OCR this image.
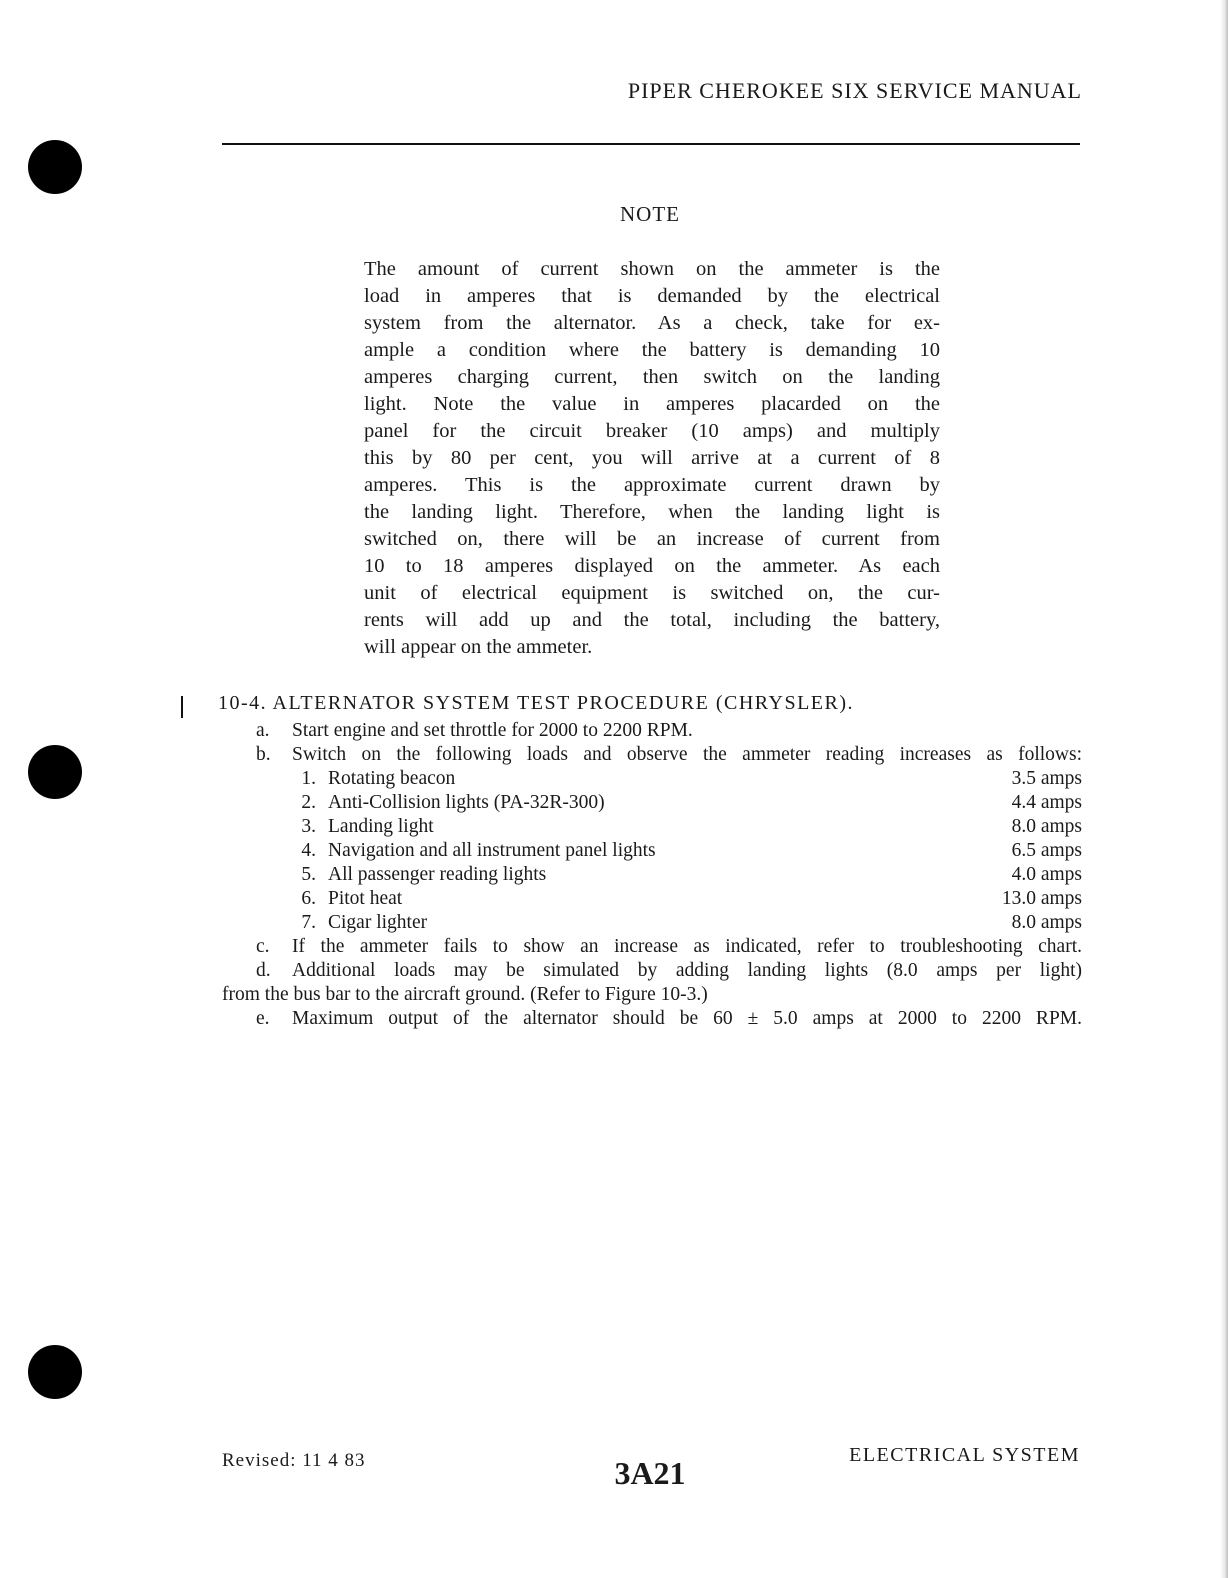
PIPER CHEROKEE SIX SERVICE MANUAL
NOTE
The amount of current shown on the ammeter is the
load in amperes that is demanded by the electrical
system from the alternator. As a check, take for ex-
ample a condition where the battery is demanding 10
amperes charging current, then switch on the landing
light. Note the value in amperes placarded on the
panel for the circuit breaker (10 amps) and multiply
this by 80 per cent, you will arrive at a current of 8
amperes. This is the approximate current drawn by
the landing light. Therefore, when the landing light is
switched on, there will be an increase of current from
10 to 18 amperes displayed on the ammeter. As each
unit of electrical equipment is switched on, the cur-
rents will add up and the total, including the battery,
will appear on the ammeter.
10-4. ALTERNATOR SYSTEM TEST PROCEDURE (CHRYSLER).
a.	Start engine and set throttle for 2000 to 2200 RPM.
b.	Switch on the following loads and observe the ammeter reading increases as follows:
1. Rotating beacon	3.5 amps
2. Anti-Collision lights (PA-32R-300)	4.4 amps
3. Landing light	8.0 amps
4. Navigation and all instrument panel lights	6.5 amps
5. All passenger reading lights	4.0 amps
6. Pitot heat	13.0 amps
7. Cigar lighter	8.0 amps
c.	If the ammeter fails to show an increase as indicated, refer to troubleshooting chart.
d.	Additional loads may be simulated by adding landing lights (8.0 amps per light)
from the bus bar to the aircraft ground. (Refer to Figure 10-3.)
e.	Maximum output of the alternator should be 60 ± 5.0 amps at 2000 to 2200 RPM.
Revised: 11 4 83	3A21	ELECTRICAL SYSTEM
